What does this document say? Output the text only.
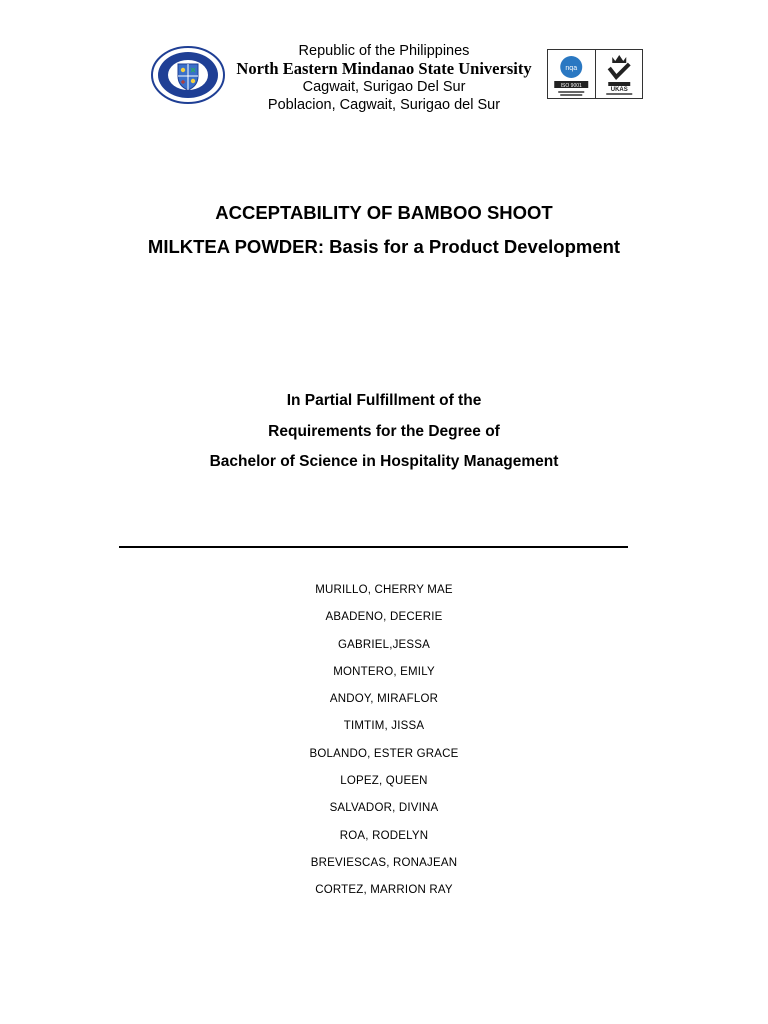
Republic of the Philippines
North Eastern Mindanao State University
Cagwait, Surigao Del Sur
Poblacion, Cagwait, Surigao del Sur
nqa
ISO 9001
UKAS
ACCEPTABILITY OF BAMBOO SHOOT
MILKTEA POWDER: Basis for a Product Development
In Partial Fulfillment of the
Requirements for the Degree of
Bachelor of Science in Hospitality Management
MURILLO, CHERRY MAE
ABADENO, DECERIE
GABRIEL,JESSA
MONTERO, EMILY
ANDOY, MIRAFLOR
TIMTIM, JISSA
BOLANDO, ESTER GRACE
LOPEZ, QUEEN
SALVADOR, DIVINA
ROA, RODELYN
BREVIESCAS, RONAJEAN
CORTEZ, MARRION RAY
